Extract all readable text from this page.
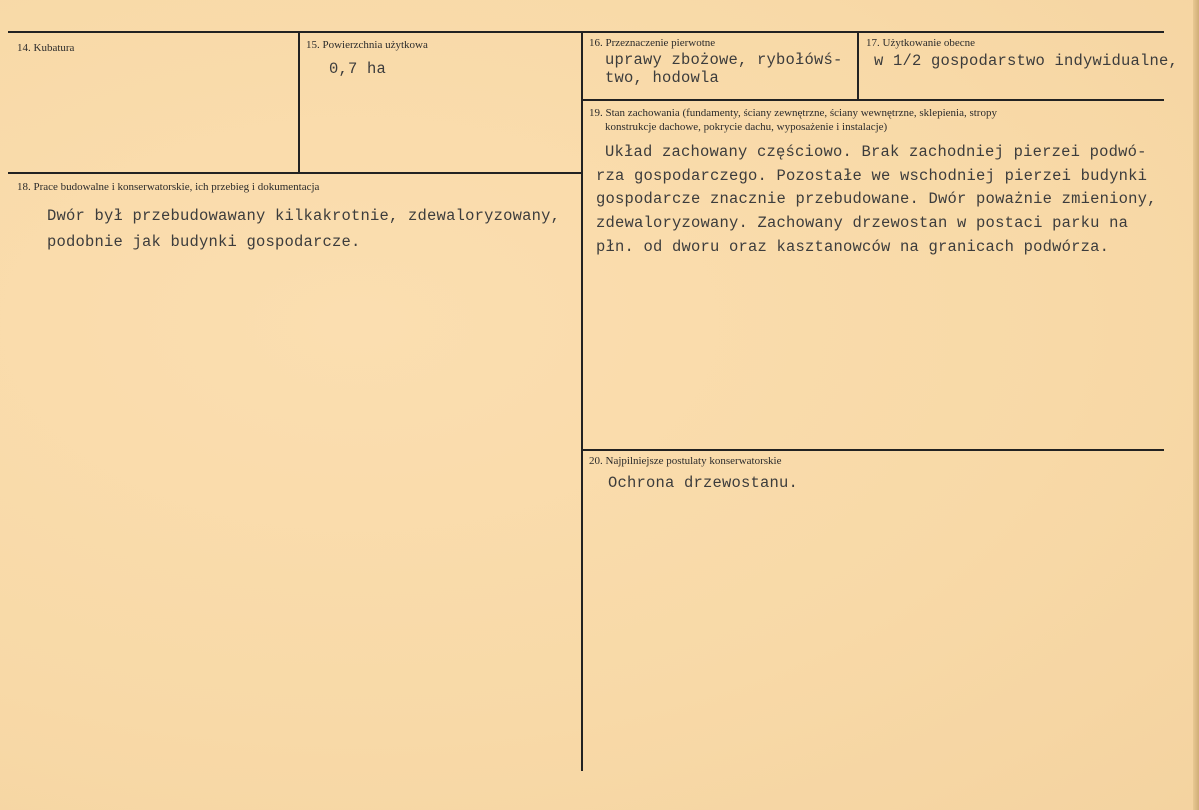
14. Kubatura	15. Powierzchnia użytkowa
0,7 ha
16. Przeznaczenie pierwotne
uprawy zbożowe, rybołówś-
two, hodowla
17. Użytkowanie obecne
w 1/2 gospodarstwo indywidualne,
18. Prace budowalne i konserwatorskie, ich przebieg i dokumentacja
Dwór był przebudowawany kilkakrotnie, zdewaloryzowany,
podobnie jak budynki gospodarcze.
19. Stan zachowania (fundamenty, ściany zewnętrzne, ściany wewnętrzne, sklepienia, stropy
konstrukcje dachowe, pokrycie dachu, wyposażenie i instalacje)
Układ zachowany częściowo. Brak zachodniej pierzei podwó-
rza gospodarczego. Pozostałe we wschodniej pierzei budynki
gospodarcze znacznie przebudowane. Dwór poważnie zmieniony,
zdewaloryzowany. Zachowany drzewostan w postaci parku na
płn. od dworu oraz kasztanowców na granicach podwórza.
20. Najpilniejsze postulaty konserwatorskie
Ochrona drzewostanu.
